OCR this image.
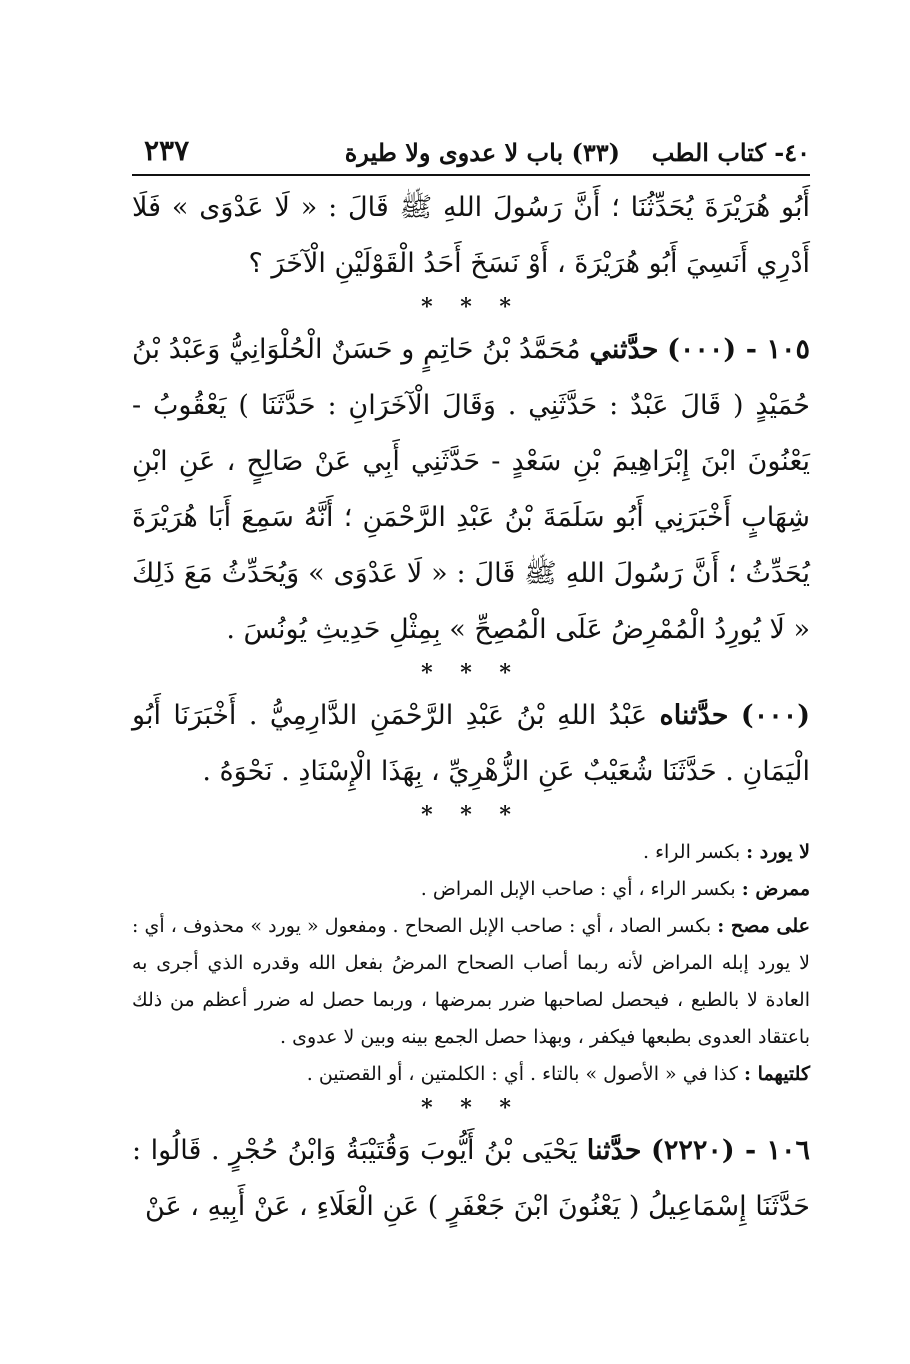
٤٠- كتاب الطب
(٣٣) باب لا عدوى ولا طيرة
٢٣٧

أَبُو هُرَيْرَةَ يُحَدِّثُنَا ؛ أَنَّ رَسُولَ اللهِ ﷺ قَالَ : « لَا عَدْوَى » فَلَا أَدْرِي أَنَسِيَ أَبُو هُرَيْرَةَ ، أَوْ نَسَخَ أَحَدُ الْقَوْلَيْنِ الْآخَرَ ؟

* * *

١٠٥ - (٠٠٠) حدَّثني مُحَمَّدُ بْنُ حَاتِمٍ و حَسَنٌ الْحُلْوَانِيُّ وَعَبْدُ بْنُ حُمَيْدٍ ( قَالَ عَبْدٌ : حَدَّثَنِي . وَقَالَ الْآخَرَانِ : حَدَّثَنَا ) يَعْقُوبُ - يَعْنُونَ ابْنَ إِبْرَاهِيمَ بْنِ سَعْدٍ - حَدَّثَنِي أَبِي عَنْ صَالِحٍ ، عَنِ ابْنِ شِهَابٍ أَخْبَرَنِي أَبُو سَلَمَةَ بْنُ عَبْدِ الرَّحْمَنِ ؛ أَنَّهُ سَمِعَ أَبَا هُرَيْرَةَ يُحَدِّثُ ؛ أَنَّ رَسُولَ اللهِ ﷺ قَالَ : « لَا عَدْوَى » وَيُحَدِّثُ مَعَ ذَلِكَ « لَا يُورِدُ الْمُمْرِضُ عَلَى الْمُصِحِّ » بِمِثْلِ حَدِيثِ يُونُسَ .

* * *

(٠٠٠) حدَّثناه عَبْدُ اللهِ بْنُ عَبْدِ الرَّحْمَنِ الدَّارِمِيُّ . أَخْبَرَنَا أَبُو الْيَمَانِ . حَدَّثَنَا شُعَيْبٌ عَنِ الزُّهْرِيِّ ، بِهَذَا الْإِسْنَادِ . نَحْوَهُ .

* * *

لا يورد : بكسر الراء .

ممرض : بكسر الراء ، أي : صاحب الإبل المراض .

على مصح : بكسر الصاد ، أي : صاحب الإبل الصحاح . ومفعول « يورد » محذوف ، أي : لا يورد إبله المراض لأنه ربما أصاب الصحاح المرضُ بفعل الله وقدره الذي أجرى به العادة لا بالطبع ، فيحصل لصاحبها ضرر بمرضها ، وربما حصل له ضرر أعظم من ذلك باعتقاد العدوى بطبعها فيكفر ، وبهذا حصل الجمع بينه وبين لا عدوى .

كلتيهما : كذا في « الأصول » بالتاء . أي : الكلمتين ، أو القصتين .

* * *

١٠٦ - (٢٢٢٠) حدَّثنا يَحْيَى بْنُ أَيُّوبَ وَقُتَيْبَةُ وَابْنُ حُجْرٍ . قَالُوا : حَدَّثَنَا إِسْمَاعِيلُ ( يَعْنُونَ ابْنَ جَعْفَرٍ ) عَنِ الْعَلَاءِ ، عَنْ أَبِيهِ ، عَنْ
